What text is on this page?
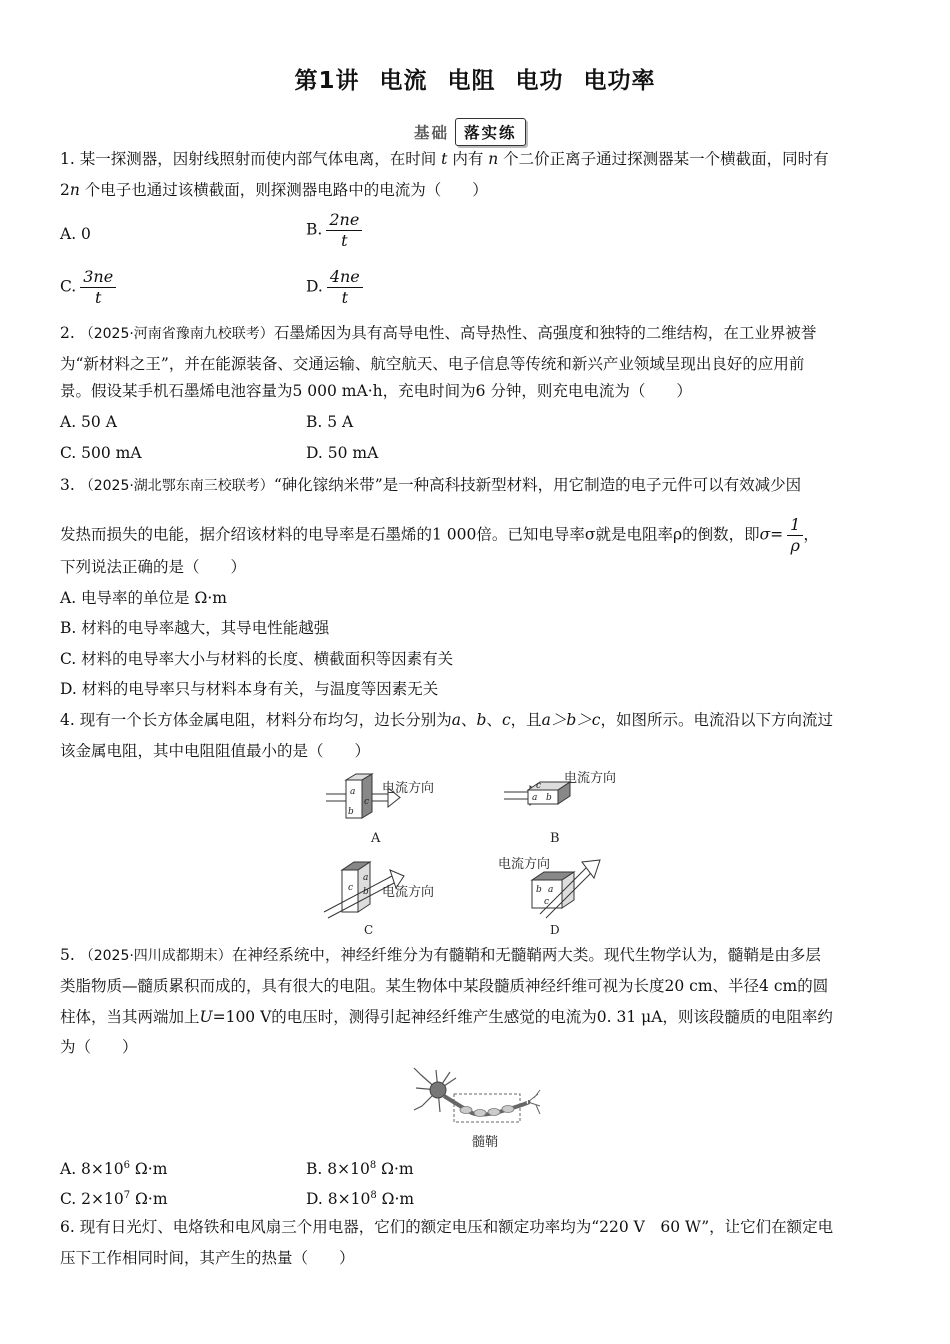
第1讲 电流 电阻 电功 电功率
基础 落实练
1. 某一探测器，因射线照射而使内部气体电离，在时间 t 内有 n 个二价正离子通过探测器某一个横截面，同时有
2n 个电子也通过该横截面，则探测器电路中的电流为（　　）
A. 0	B. $\frac{2ne}{t}$
C. $\frac{3ne}{t}$	D. $\frac{4ne}{t}$
2. （2025·河南省豫南九校联考）石墨烯因为具有高导电性、高导热性、高强度和独特的二维结构，在工业界被誉
为“新材料之王”，并在能源装备、交通运输、航空航天、电子信息等传统和新兴产业领域呈现出良好的应用前
景。假设某手机石墨烯电池容量为5 000 mA·h，充电时间为6 分钟，则充电电流为（　　）
A. 50 A	B. 5 A
C. 500 mA	D. 50 mA
3. （2025·湖北鄂东南三校联考）“砷化镓纳米带”是一种高科技新型材料，用它制造的电子元件可以有效减少因
发热而损失的电能，据介绍该材料的电导率是石墨烯的1 000倍。已知电导率σ就是电阻率ρ的倒数，即$\sigma= \frac{1}{\rho}$ ，
下列说法正确的是（　　）
A. 电导率的单位是 Ω·m
B. 材料的电导率越大，其导电性能越强
C. 材料的电导率大小与材料的长度、横截面积等因素有关
D. 材料的电导率只与材料本身有关，与温度等因素无关
4. 现有一个长方体金属电阻，材料分布均匀，边长分别为a、b、c，且a＞b＞c，如图所示。电流沿以下方向流过
该金属电阻，其中电阻阻值最小的是（　　）
5. （2025·四川成都期末）在神经系统中，神经纤维分为有髓鞘和无髓鞘两大类。现代生物学认为，髓鞘是由多层
类脂物质—髓质累积而成的，具有很大的电阻。某生物体中某段髓质神经纤维可视为长度20 cm、半径4 cm的圆
柱体，当其两端加上U=100 V的电压时，测得引起神经纤维产生感觉的电流为0. 31 μA，则该段髓质的电阻率约
为（　　）
A. $8\times 10^6$ Ω·m	B. $8\times 10^8$ Ω·m
C. $2\times 10^7$ Ω·m	D. $8\times 10^8$ Ω·m
6. 现有日光灯、电烙铁和电风扇三个用电器，它们的额定电压和额定功率均为“220 V　60 W”，让它们在额定电
压下工作相同时间，其产生的热量（　　）
a
b
c
电流方向
A
a b
c 电流方向
B
c
a
b 电流方向	b a
c
电流方向
C	D
髓鞘
